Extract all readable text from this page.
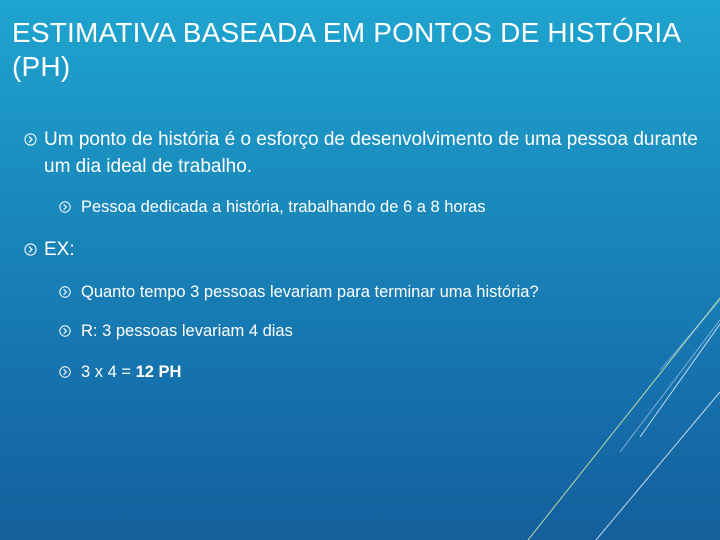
ESTIMATIVA BASEADA EM PONTOS DE HISTÓRIA (PH)
Um ponto de história é o esforço de desenvolvimento de uma pessoa durante um dia ideal de trabalho.
Pessoa dedicada a história, trabalhando de 6 a 8 horas
EX:
Quanto tempo 3 pessoas levariam para terminar uma história?
R: 3 pessoas levariam 4 dias
3 x 4 = 12 PH
